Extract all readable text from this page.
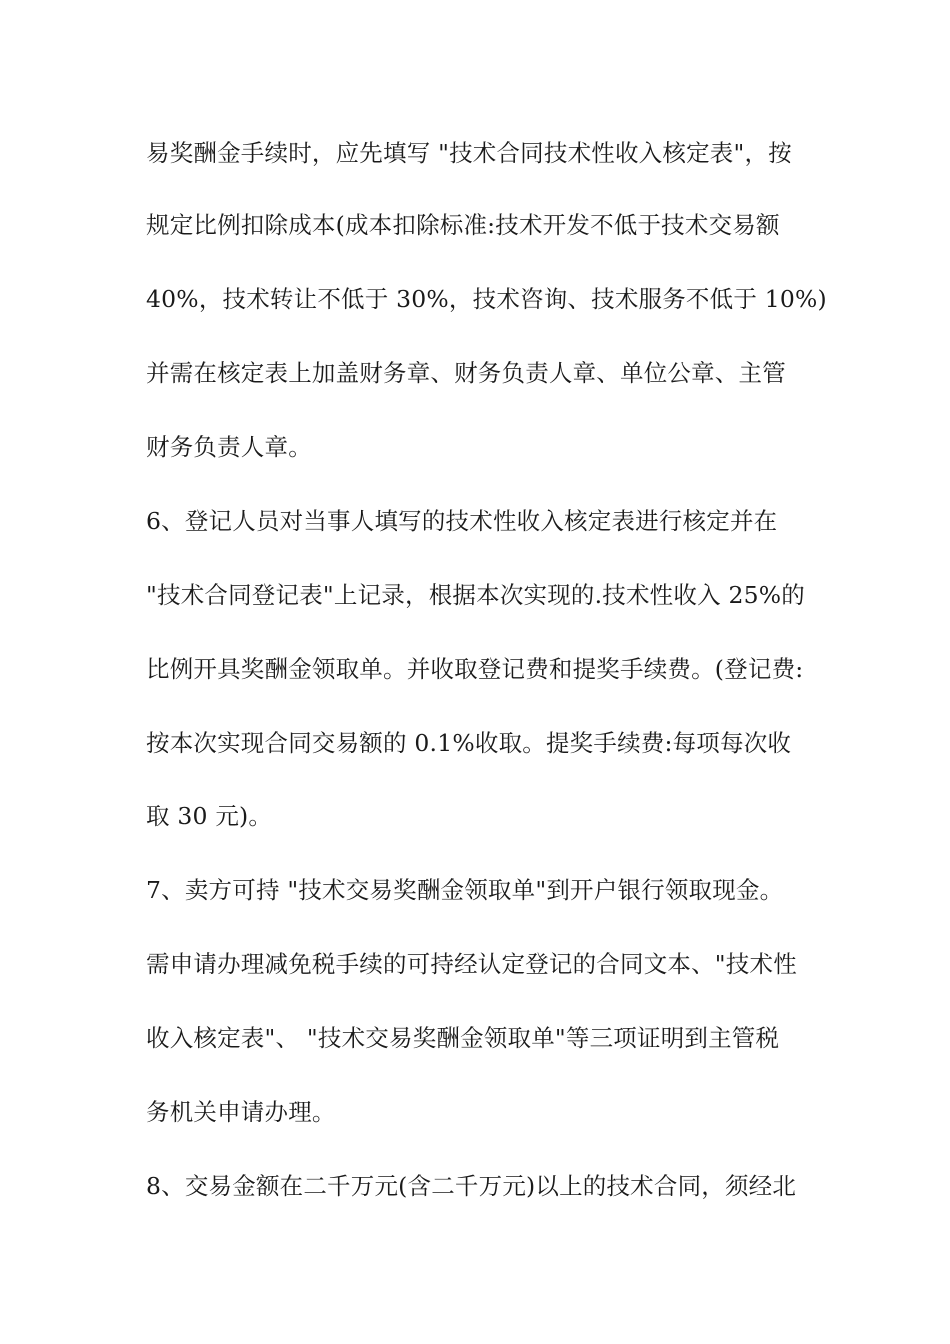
易奖酬金手续时，应先填写 "技术合同技术性收入核定表"，按
规定比例扣除成本(成本扣除标准:技术开发不低于技术交易额
40%，技术转让不低于 30%，技术咨询、技术服务不低于 10%)
并需在核定表上加盖财务章、财务负责人章、单位公章、主管
财务负责人章。
6、登记人员对当事人填写的技术性收入核定表进行核定并在
"技术合同登记表"上记录，根据本次实现的.技术性收入 25%的
比例开具奖酬金领取单。并收取登记费和提奖手续费。(登记费:
按本次实现合同交易额的 0.1%收取。提奖手续费:每项每次收
取 30 元)。
7、卖方可持 "技术交易奖酬金领取单"到开户银行领取现金。
需申请办理减免税手续的可持经认定登记的合同文本、"技术性
收入核定表"、 "技术交易奖酬金领取单"等三项证明到主管税
务机关申请办理。
8、交易金额在二千万元(含二千万元)以上的技术合同，须经北
